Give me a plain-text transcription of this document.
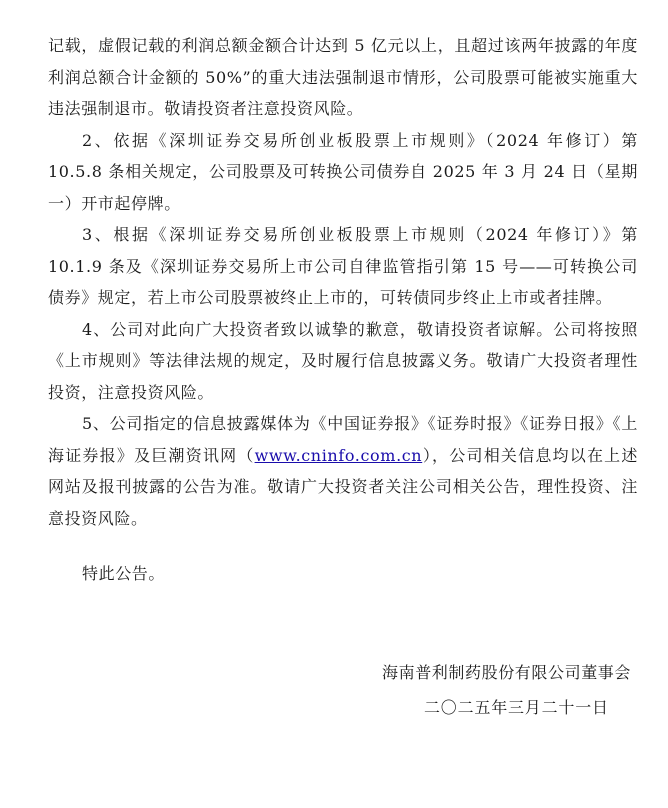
记载，虚假记载的利润总额金额合计达到 5 亿元以上，且超过该两年披露的年度利润总额合计金额的 50%”的重大违法强制退市情形，公司股票可能被实施重大违法强制退市。敬请投资者注意投资风险。

2、依据《深圳证券交易所创业板股票上市规则》（2024 年修订）第 10.5.8 条相关规定，公司股票及可转换公司债券自 2025 年 3 月 24 日（星期一）开市起停牌。

3、根据《深圳证券交易所创业板股票上市规则（2024 年修订）》第 10.1.9 条及《深圳证券交易所上市公司自律监管指引第 15 号——可转换公司债券》规定，若上市公司股票被终止上市的，可转债同步终止上市或者挂牌。

4、公司对此向广大投资者致以诚挚的歉意，敬请投资者谅解。公司将按照《上市规则》等法律法规的规定，及时履行信息披露义务。敬请广大投资者理性投资，注意投资风险。

5、公司指定的信息披露媒体为《中国证券报》《证券时报》《证券日报》《上海证券报》及巨潮资讯网（www.cninfo.com.cn），公司相关信息均以在上述网站及报刊披露的公告为准。敬请广大投资者关注公司相关公告，理性投资、注意投资风险。

特此公告。
海南普利制药股份有限公司董事会
二〇二五年三月二十一日
